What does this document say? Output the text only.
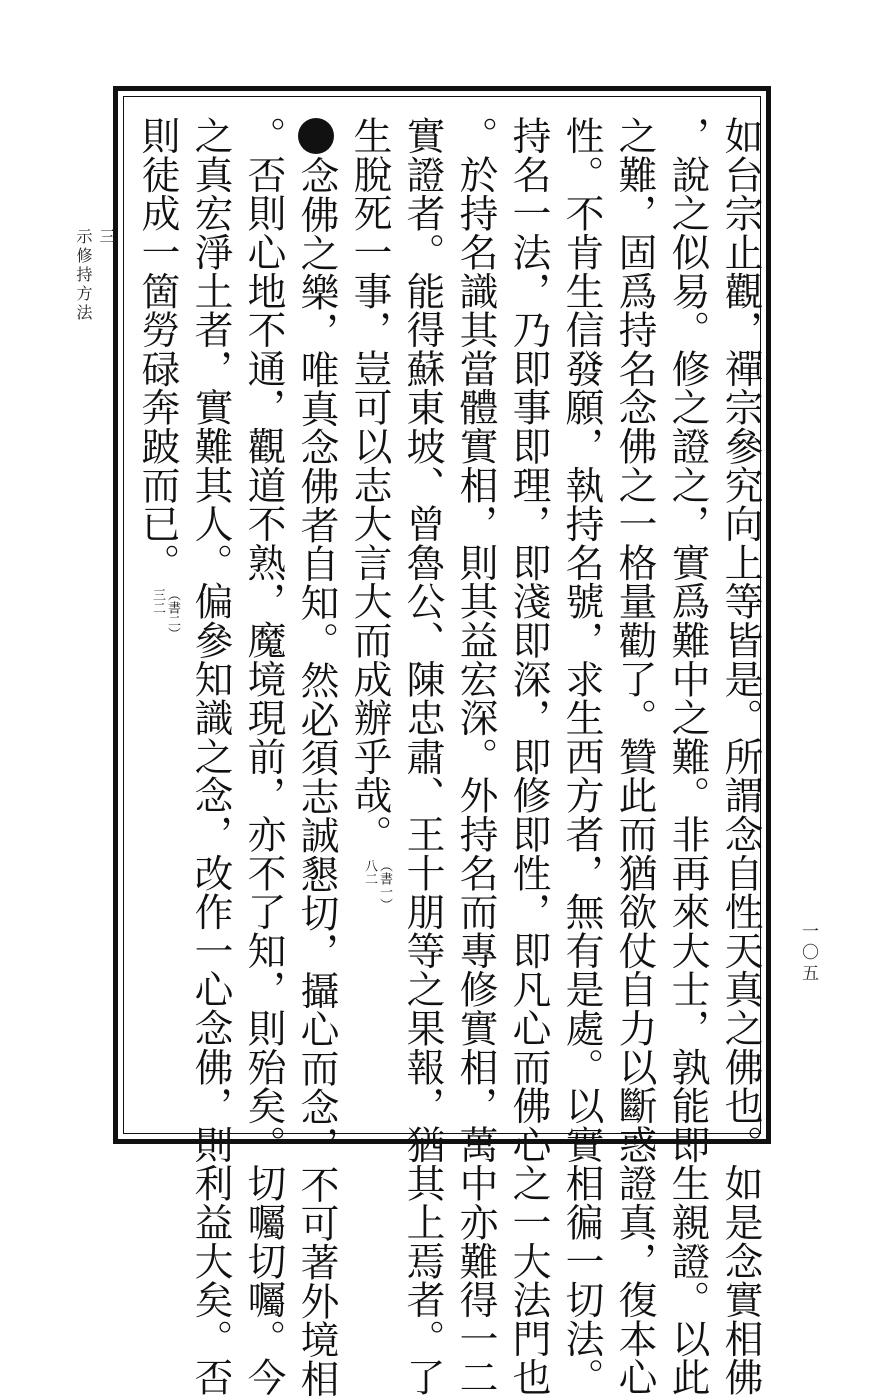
三
示修持方法
一〇五
如台宗止觀，禪宗參究向上等皆是。所謂念自性天真之佛也。如是念實相佛
，說之似易。修之證之，實爲難中之難。非再來大士，孰能即生親證。以此
之難，固爲持名念佛之一格量勸了。贊此而猶欲仗自力以斷惑證真，復本心
性。不肯生信發願，執持名號，求生西方者，無有是處。以實相徧一切法。
持名一法，乃即事即理，即淺即深，即修即性，即凡心而佛心之一大法門也
。於持名識其當體實相，則其益宏深。外持名而專修實相，萬中亦難得一二
實證者。能得蘇東坡、曾魯公、陳忠肅、王十朋等之果報，猶其上焉者。了
生脫死一事，豈可以志大言大而成辦乎哉。
（書一）
八二
念佛之樂，唯真念佛者自知。然必須志誠懇切，攝心而念，不可著外境相
。否則心地不通，觀道不熟，魔境現前，亦不了知，則殆矣。切囑切囑。今
之真宏淨土者，實難其人。偏參知識之念，改作一心念佛，則利益大矣。否
則徒成一箇勞碌奔跛而已。
（書二）
三二
